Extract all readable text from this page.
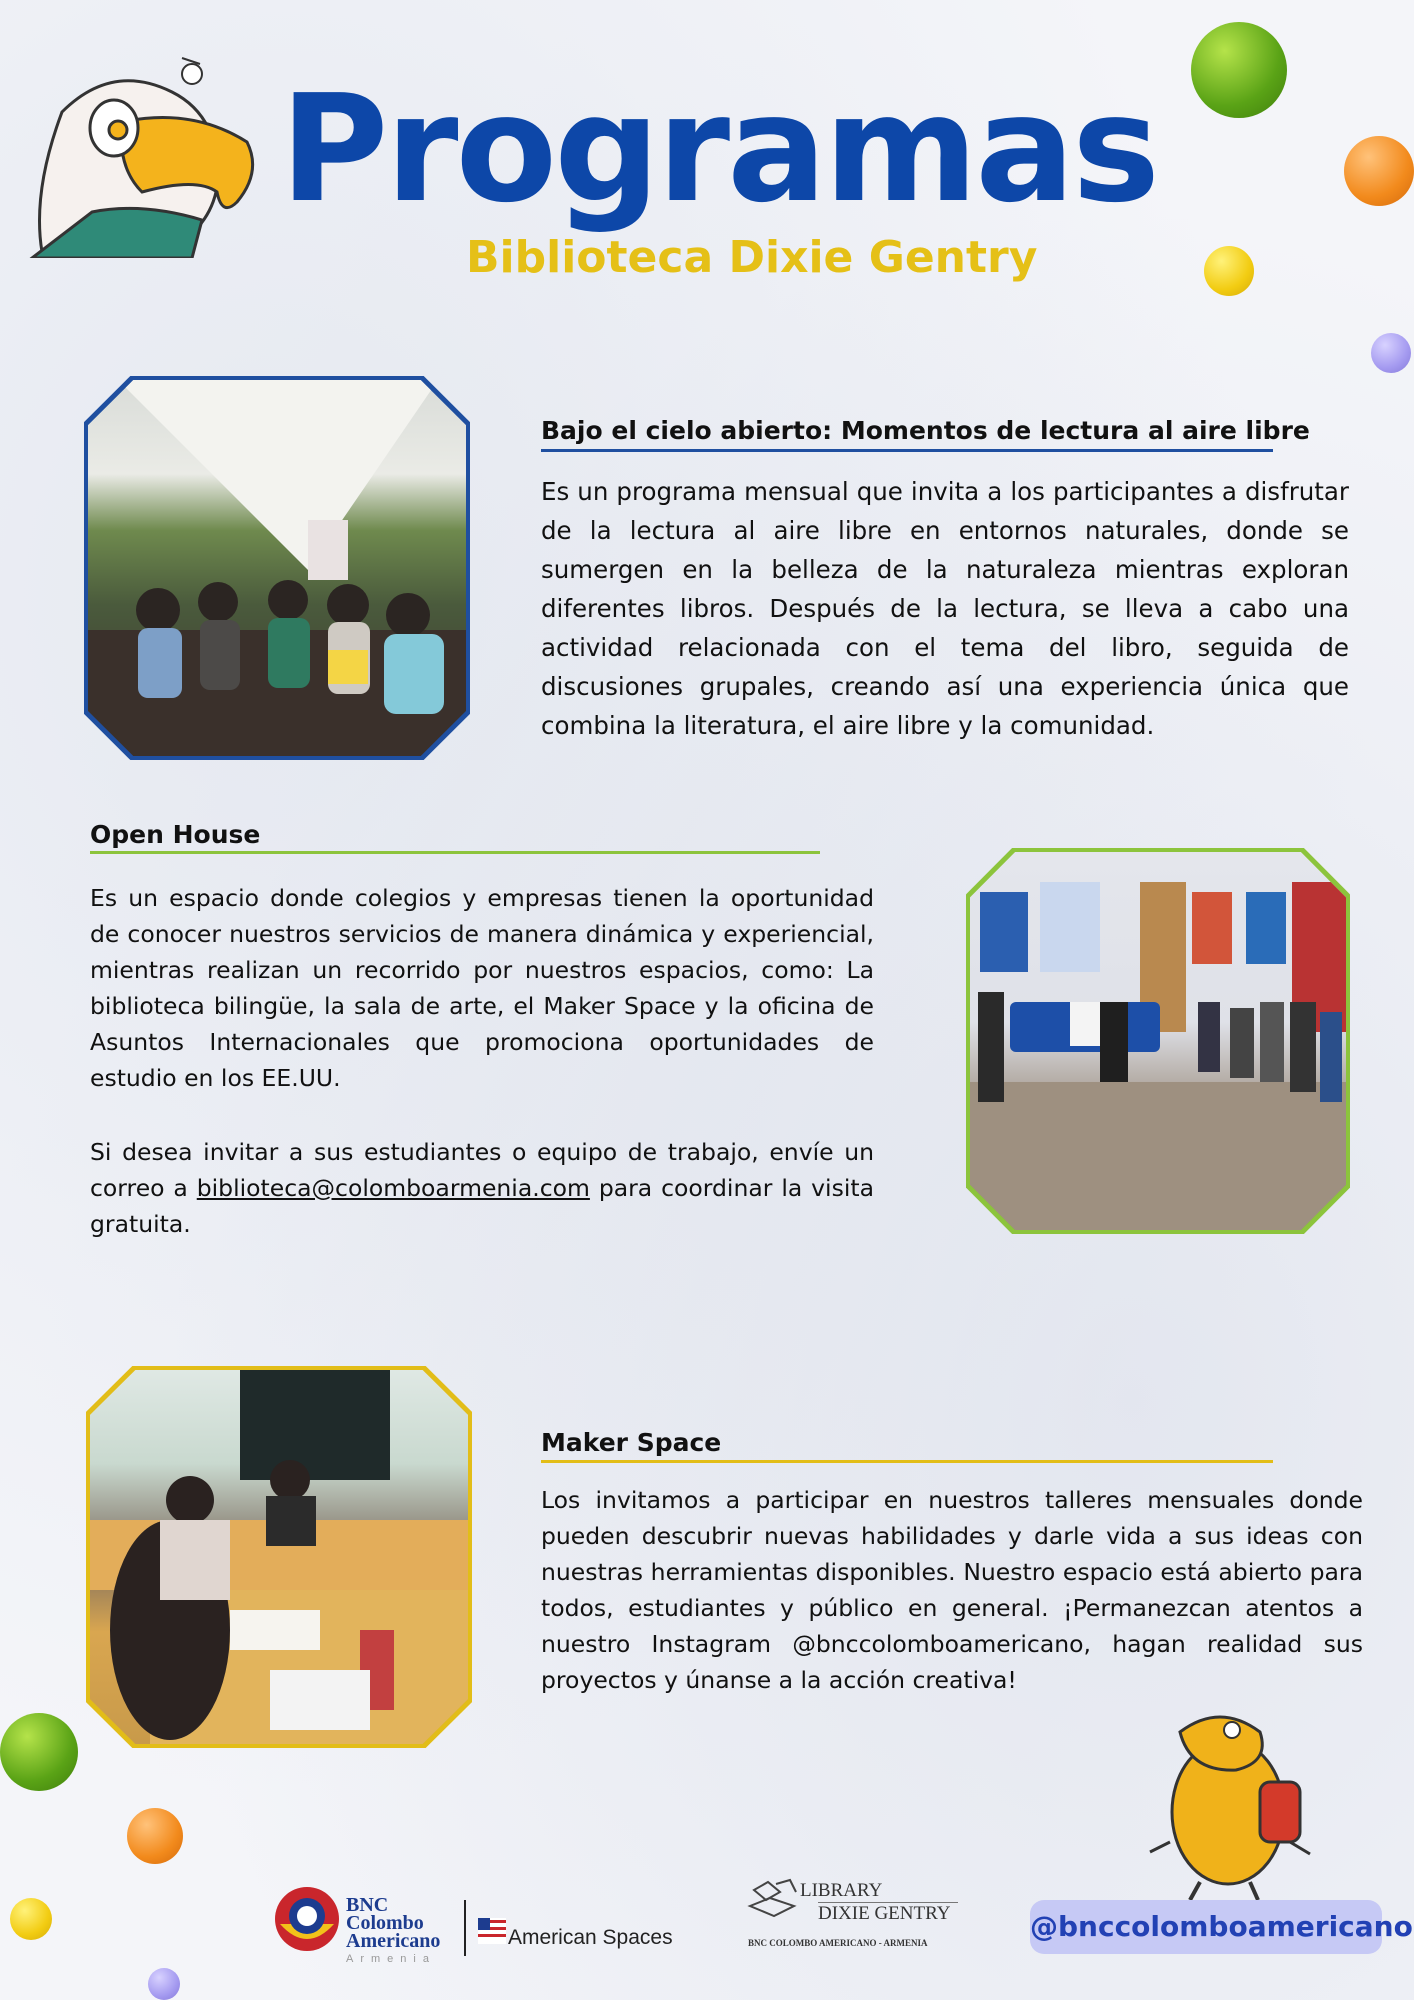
Programas
Biblioteca Dixie Gentry
Bajo el cielo abierto: Momentos de lectura al aire libre
Es un programa mensual que invita a los participantes a disfrutar de la lectura al aire libre en entornos naturales, donde se sumergen en la belleza de la naturaleza mientras exploran diferentes libros. Después de la lectura, se lleva a cabo una actividad relacionada con el tema del libro, seguida de discusiones grupales, creando así una experiencia única que combina la literatura, el aire libre y la comunidad.
Open House
Es un espacio donde colegios y empresas tienen la oportunidad de conocer nuestros servicios de manera dinámica y experiencial, mientras realizan un recorrido por nuestros espacios, como: La biblioteca bilingüe, la sala de arte, el Maker Space y la oficina de Asuntos Internacionales que promociona oportunidades de estudio en los EE.UU.
Si desea invitar a sus estudiantes o equipo de trabajo, envíe un correo a biblioteca@colomboarmenia.com para coordinar la visita gratuita.
Maker Space
Los invitamos a participar en nuestros talleres mensuales donde pueden descubrir nuevas habilidades y darle vida a sus ideas con nuestras herramientas disponibles. Nuestro espacio está abierto para todos, estudiantes y público en general. ¡Permanezcan atentos a nuestro Instagram @bnccolomboamericano, hagan realidad sus proyectos y únanse a la acción creativa!
BNC
Colombo
Americano
Armenia
American Spaces
LIBRARY
DIXIE GENTRY
BNC COLOMBO AMERICANO - ARMENIA	@bnccolomboamericano
